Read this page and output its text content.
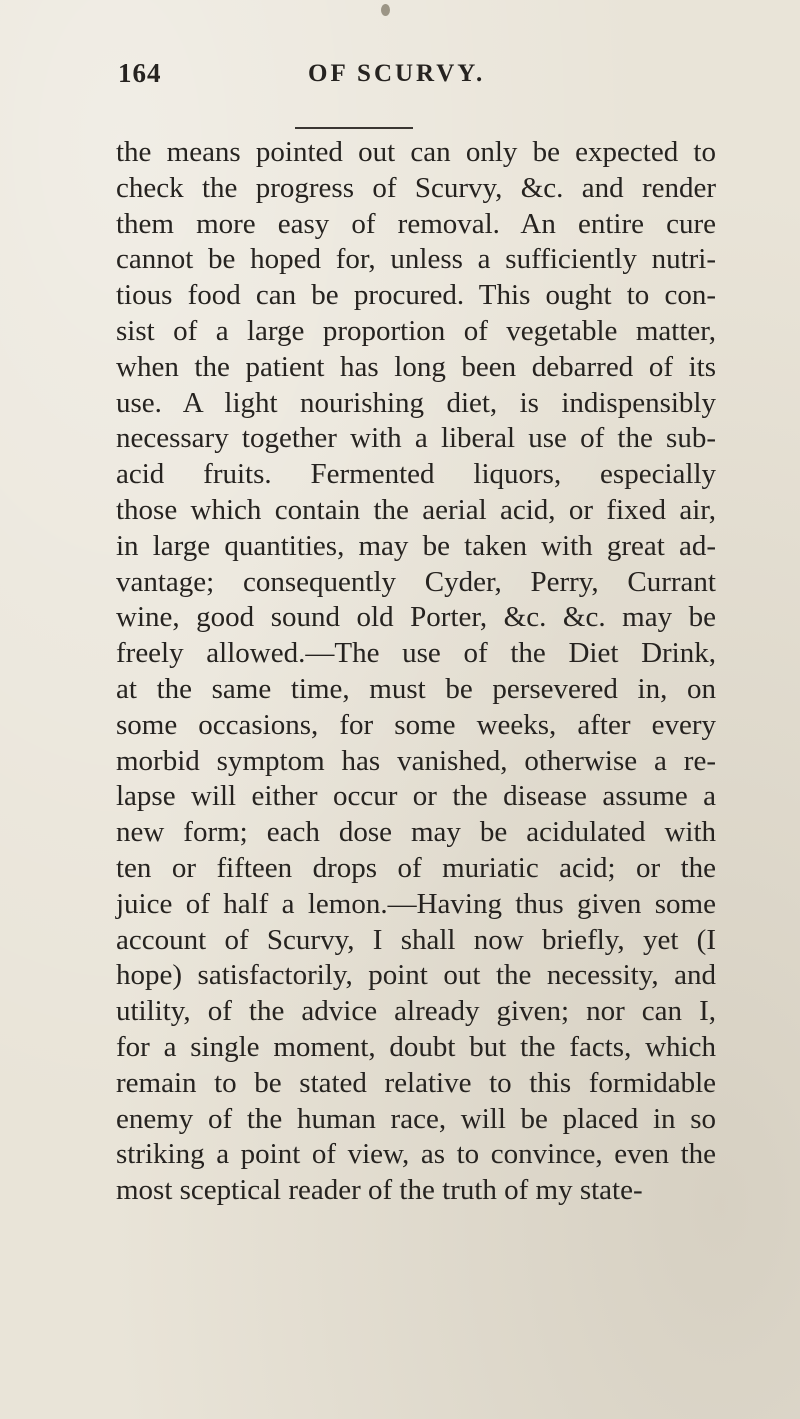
164	OF SCURVY.
the means pointed out can only be expected to
check the progress of Scurvy, &c. and render
them more easy of removal. An entire cure
cannot be hoped for, unless a sufficiently nutri-
tious food can be procured. This ought to con-
sist of a large proportion of vegetable matter,
when the patient has long been debarred of its
use. A light nourishing diet, is indispensibly
necessary together with a liberal use of the sub-
acid fruits. Fermented liquors, especially
those which contain the aerial acid, or fixed air,
in large quantities, may be taken with great ad-
vantage; consequently Cyder, Perry, Currant
wine, good sound old Porter, &c. &c. may be
freely allowed.—The use of the Diet Drink,
at the same time, must be persevered in, on
some occasions, for some weeks, after every
morbid symptom has vanished, otherwise a re-
lapse will either occur or the disease assume a
new form; each dose may be acidulated with
ten or fifteen drops of muriatic acid; or the
juice of half a lemon.—Having thus given some
account of Scurvy, I shall now briefly, yet (I
hope) satisfactorily, point out the necessity, and
utility, of the advice already given; nor can I,
for a single moment, doubt but the facts, which
remain to be stated relative to this formidable
enemy of the human race, will be placed in so
striking a point of view, as to convince, even the
most sceptical reader of the truth of my state-
